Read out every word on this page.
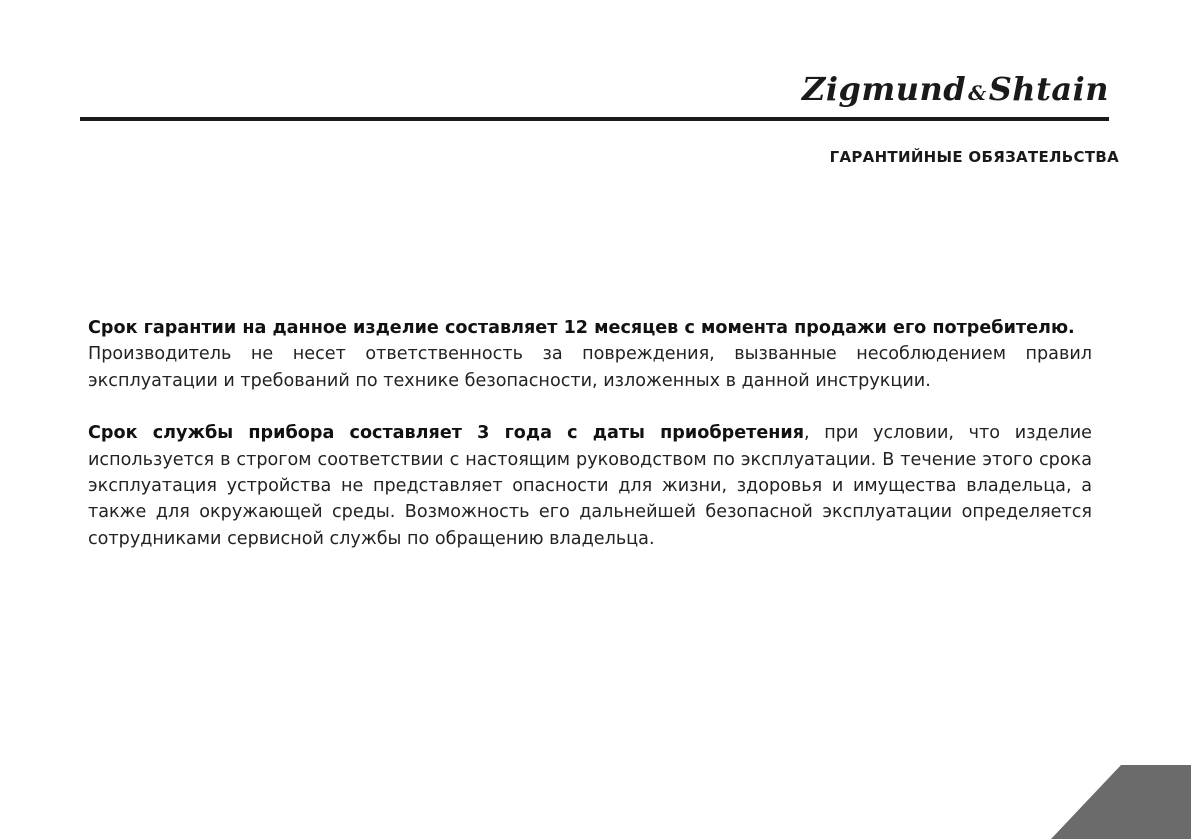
Zigmund &Shtain
ГАРАНТИЙНЫЕ ОБЯЗАТЕЛЬСТВА

Срок гарантии на данное изделие составляет 12 месяцев с момента продажи его потребителю.
Производитель не несет ответственность за повреждения, вызванные несоблюдением правил эксплуатации и требований по технике безопасности, изложенных в данной инструкции.

Срок службы прибора составляет 3 года с даты приобретения, при условии, что изделие используется в строгом соответствии с настоящим руководством по эксплуатации. В течение этого срока эксплуатация устройства не представляет опасности для жизни, здоровья и имущества владельца, а также для окружающей среды. Возможность его дальнейшей безопасной эксплуатации определяется сотрудниками сервисной службы по обращению владельца.
